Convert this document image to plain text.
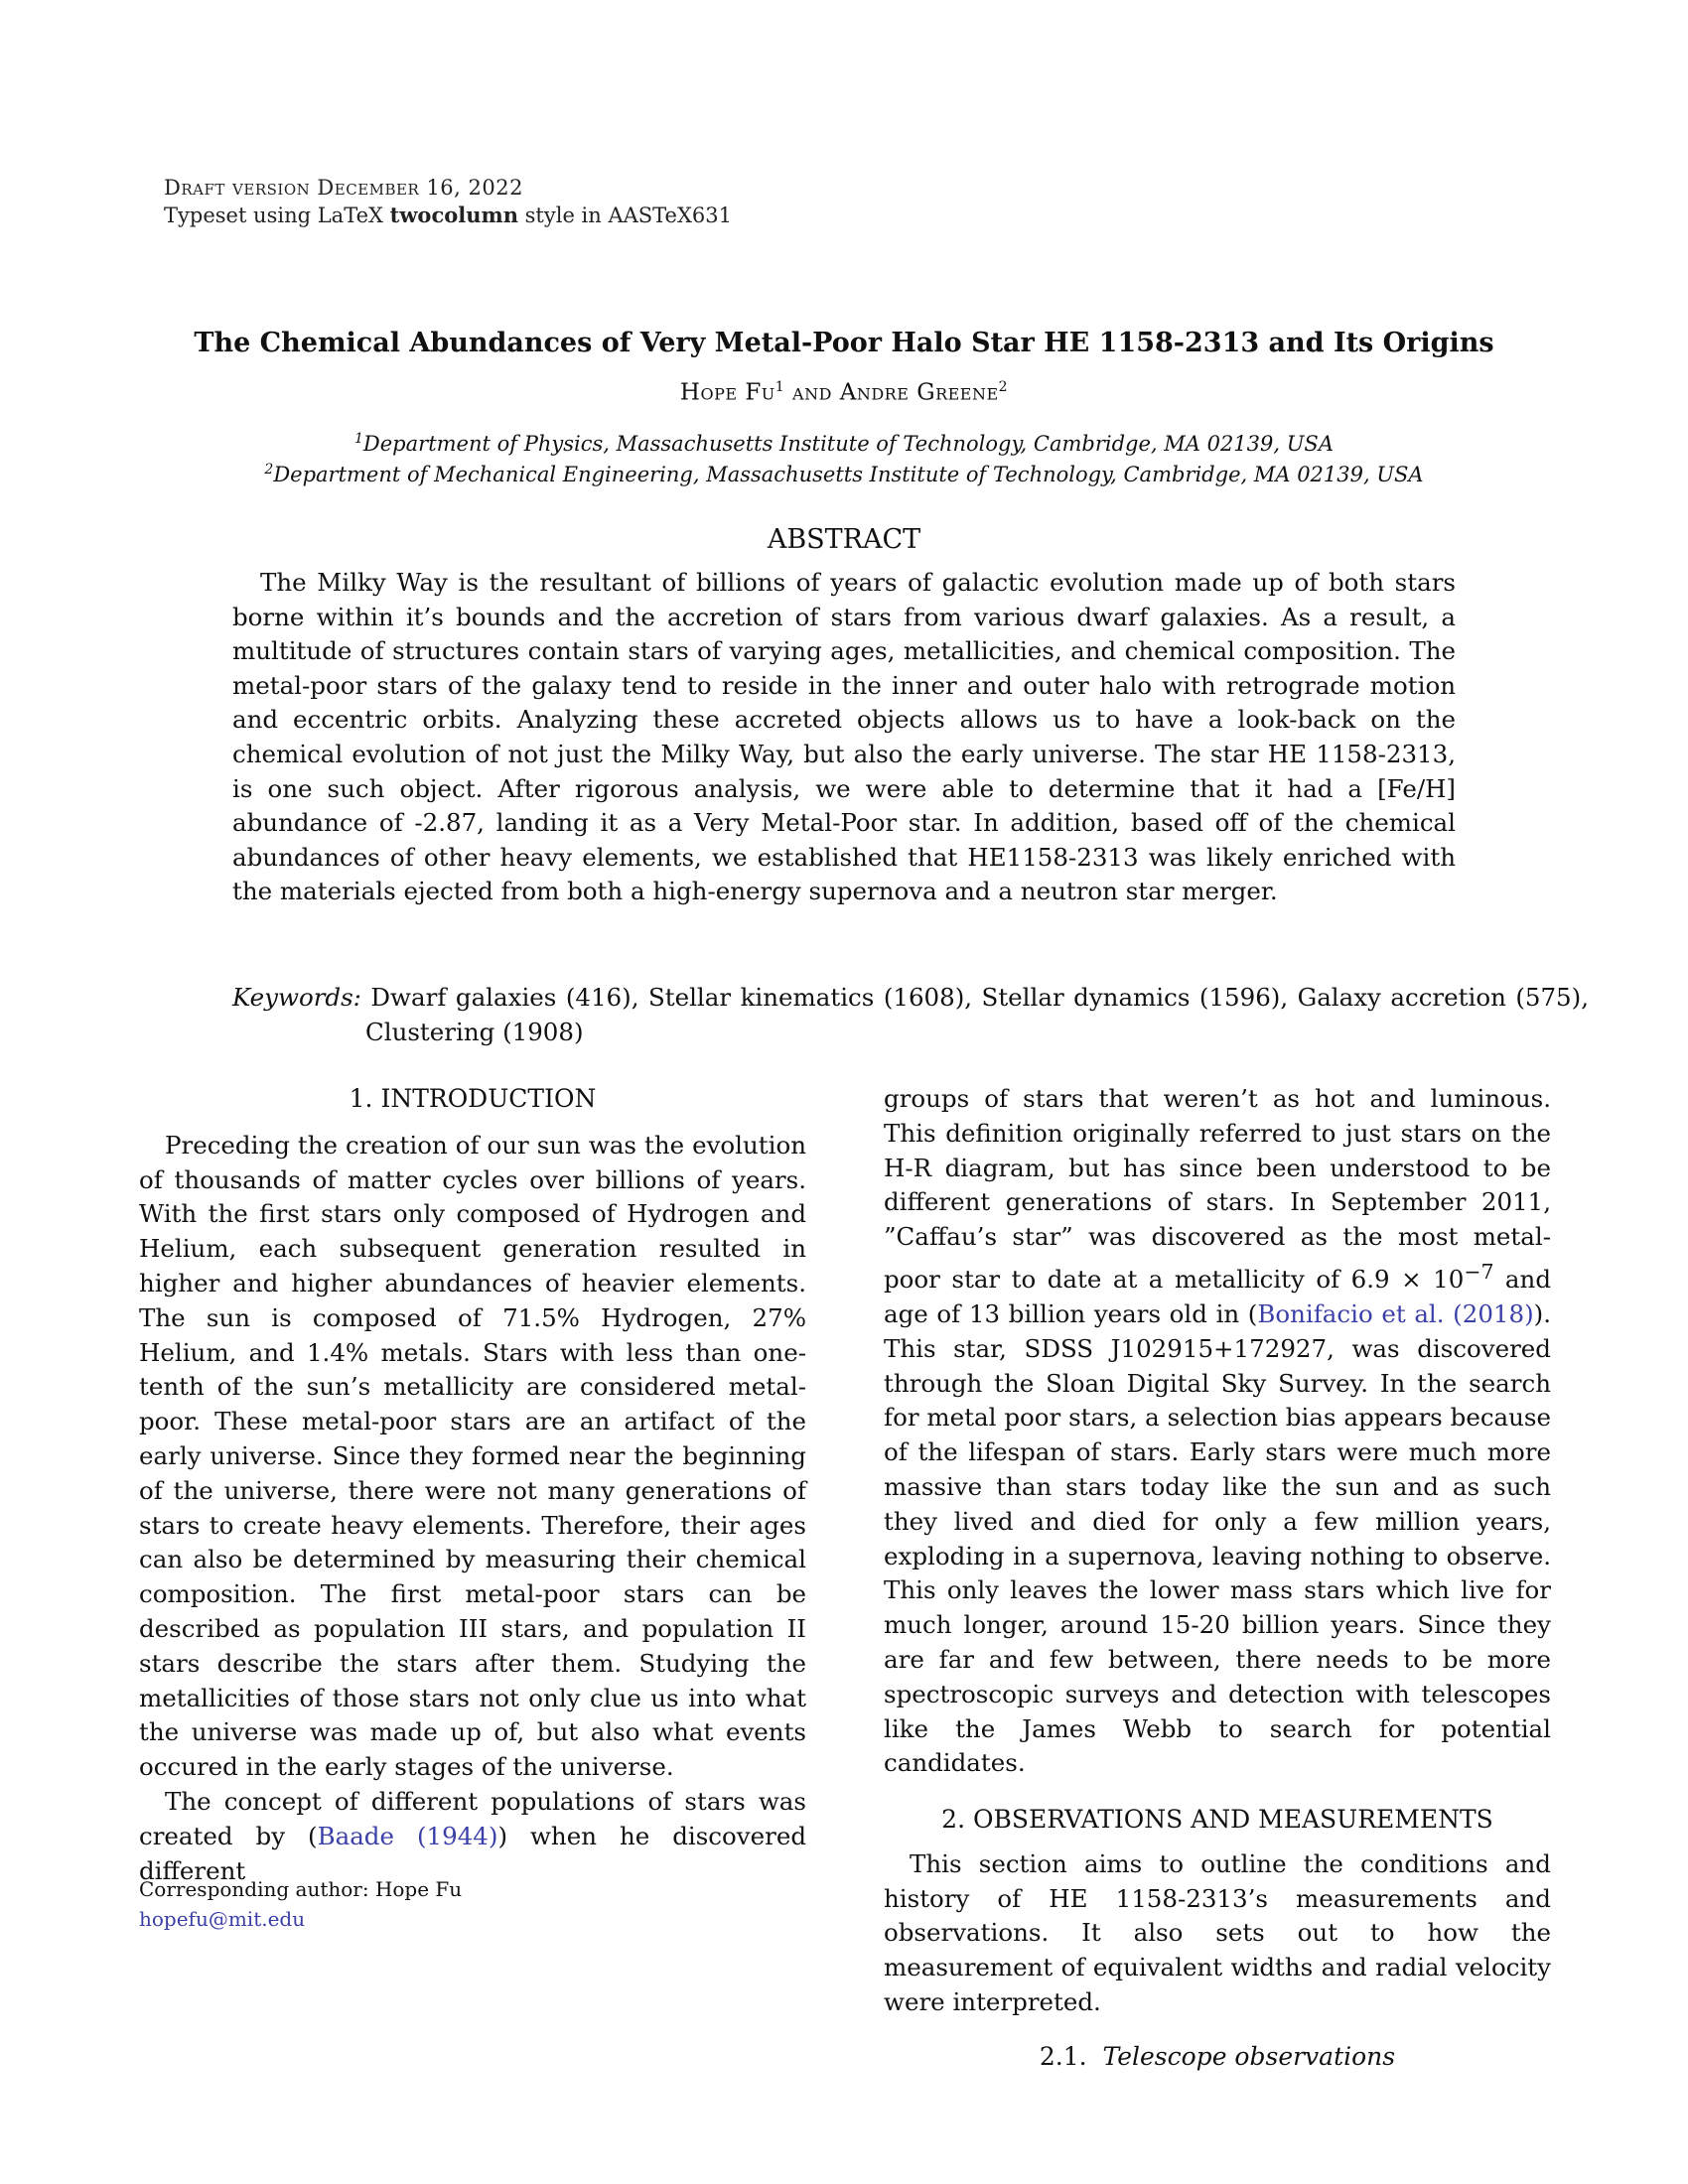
Draft version December 16, 2022
Typeset using LaTeX twocolumn style in AASTeX631
The Chemical Abundances of Very Metal-Poor Halo Star HE 1158-2313 and Its Origins
Hope Fu$^1$ and Andre Greene$^2$
$^1$Department of Physics, Massachusetts Institute of Technology, Cambridge, MA 02139, USA
$^2$Department of Mechanical Engineering, Massachusetts Institute of Technology, Cambridge, MA 02139, USA
ABSTRACT
The Milky Way is the resultant of billions of years of galactic evolution made up of both stars borne within it’s bounds and the accretion of stars from various dwarf galaxies. As a result, a multitude of structures contain stars of varying ages, metallicities, and chemical composition. The metal-poor stars of the galaxy tend to reside in the inner and outer halo with retrograde motion and eccentric orbits. Analyzing these accreted objects allows us to have a look-back on the chemical evolution of not just the Milky Way, but also the early universe. The star HE 1158-2313, is one such object. After rigorous analysis, we were able to determine that it had a [Fe/H] abundance of -2.87, landing it as a Very Metal-Poor star. In addition, based off of the chemical abundances of other heavy elements, we established that HE1158-2313 was likely enriched with the materials ejected from both a high-energy supernova and a neutron star merger.
Keywords: Dwarf galaxies (416), Stellar kinematics (1608), Stellar dynamics (1596), Galaxy accretion (575), Clustering (1908)
1. INTRODUCTION

Preceding the creation of our sun was the evolution of thousands of matter cycles over billions of years. With the first stars only composed of Hydrogen and Helium, each subsequent generation resulted in higher and higher abundances of heavier elements. The sun is composed of 71.5% Hydrogen, 27% Helium, and 1.4% metals. Stars with less than one-tenth of the sun’s metallicity are considered metal-poor. These metal-poor stars are an artifact of the early universe. Since they formed near the beginning of the universe, there were not many generations of stars to create heavy elements. Therefore, their ages can also be determined by measuring their chemical composition. The first metal-poor stars can be described as population III stars, and population II stars describe the stars after them. Studying the metallicities of those stars not only clue us into what the universe was made up of, but also what events occured in the early stages of the universe.

The concept of different populations of stars was created by (Baade (1944)) when he discovered different

Corresponding author: Hope Fu
hopefu@mit.edu

groups of stars that weren’t as hot and luminous. This definition originally referred to just stars on the H-R diagram, but has since been understood to be different generations of stars. In September 2011, ”Caffau’s star” was discovered as the most metal-poor star to date at a metallicity of $6.9 \times 10^{-7}$ and age of 13 billion years old in (Bonifacio et al. (2018)). This star, SDSS J102915+172927, was discovered through the Sloan Digital Sky Survey. In the search for metal poor stars, a selection bias appears because of the lifespan of stars. Early stars were much more massive than stars today like the sun and as such they lived and died for only a few million years, exploding in a supernova, leaving nothing to observe. This only leaves the lower mass stars which live for much longer, around 15-20 billion years. Since they are far and few between, there needs to be more spectroscopic surveys and detection with telescopes like the James Webb to search for potential candidates.

2. OBSERVATIONS AND MEASUREMENTS

This section aims to outline the conditions and history of HE 1158-2313’s measurements and observations. It also sets out to how the measurement of equivalent widths and radial velocity were interpreted.

2.1. Telescope observations
